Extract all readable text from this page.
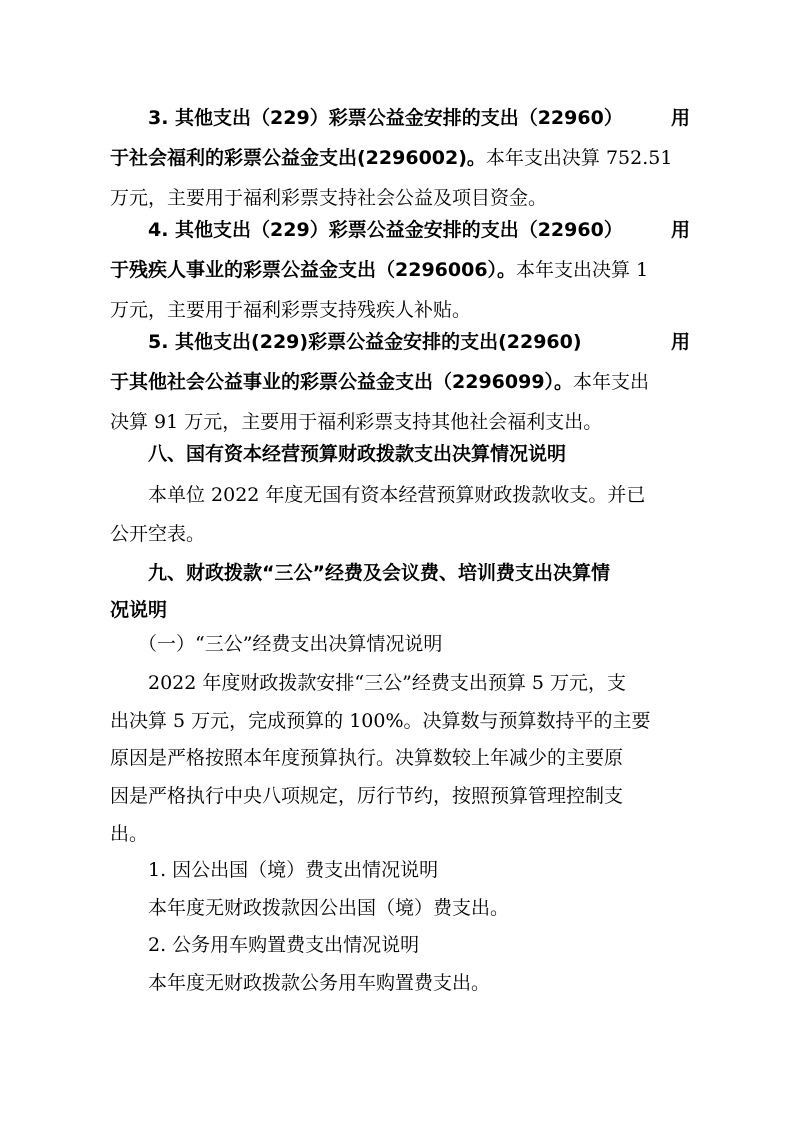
3. 其他支出（229）彩票公益金安排的支出（22960）	用
于社会福利的彩票公益金支出(2296002)。本年支出决算 752.51
万元，主要用于福利彩票支持社会公益及项目资金。
4. 其他支出（229）彩票公益金安排的支出（22960）	用
于残疾人事业的彩票公益金支出（2296006）。本年支出决算 1
万元，主要用于福利彩票支持残疾人补贴。
5. 其他支出(229)彩票公益金安排的支出(22960)	用
于其他社会公益事业的彩票公益金支出（2296099）。本年支出
决算 91 万元，主要用于福利彩票支持其他社会福利支出。
八、国有资本经营预算财政拨款支出决算情况说明
本单位 2022 年度无国有资本经营预算财政拨款收支。并已
公开空表。
九、财政拨款“三公”经费及会议费、培训费支出决算情
况说明
（一）“三公”经费支出决算情况说明
2022 年度财政拨款安排“三公”经费支出预算 5 万元，支
出决算 5 万元，完成预算的 100%。决算数与预算数持平的主要
原因是严格按照本年度预算执行。决算数较上年减少的主要原
因是严格执行中央八项规定，厉行节约，按照预算管理控制支
出。
1. 因公出国（境）费支出情况说明
本年度无财政拨款因公出国（境）费支出。
2. 公务用车购置费支出情况说明
本年度无财政拨款公务用车购置费支出。
